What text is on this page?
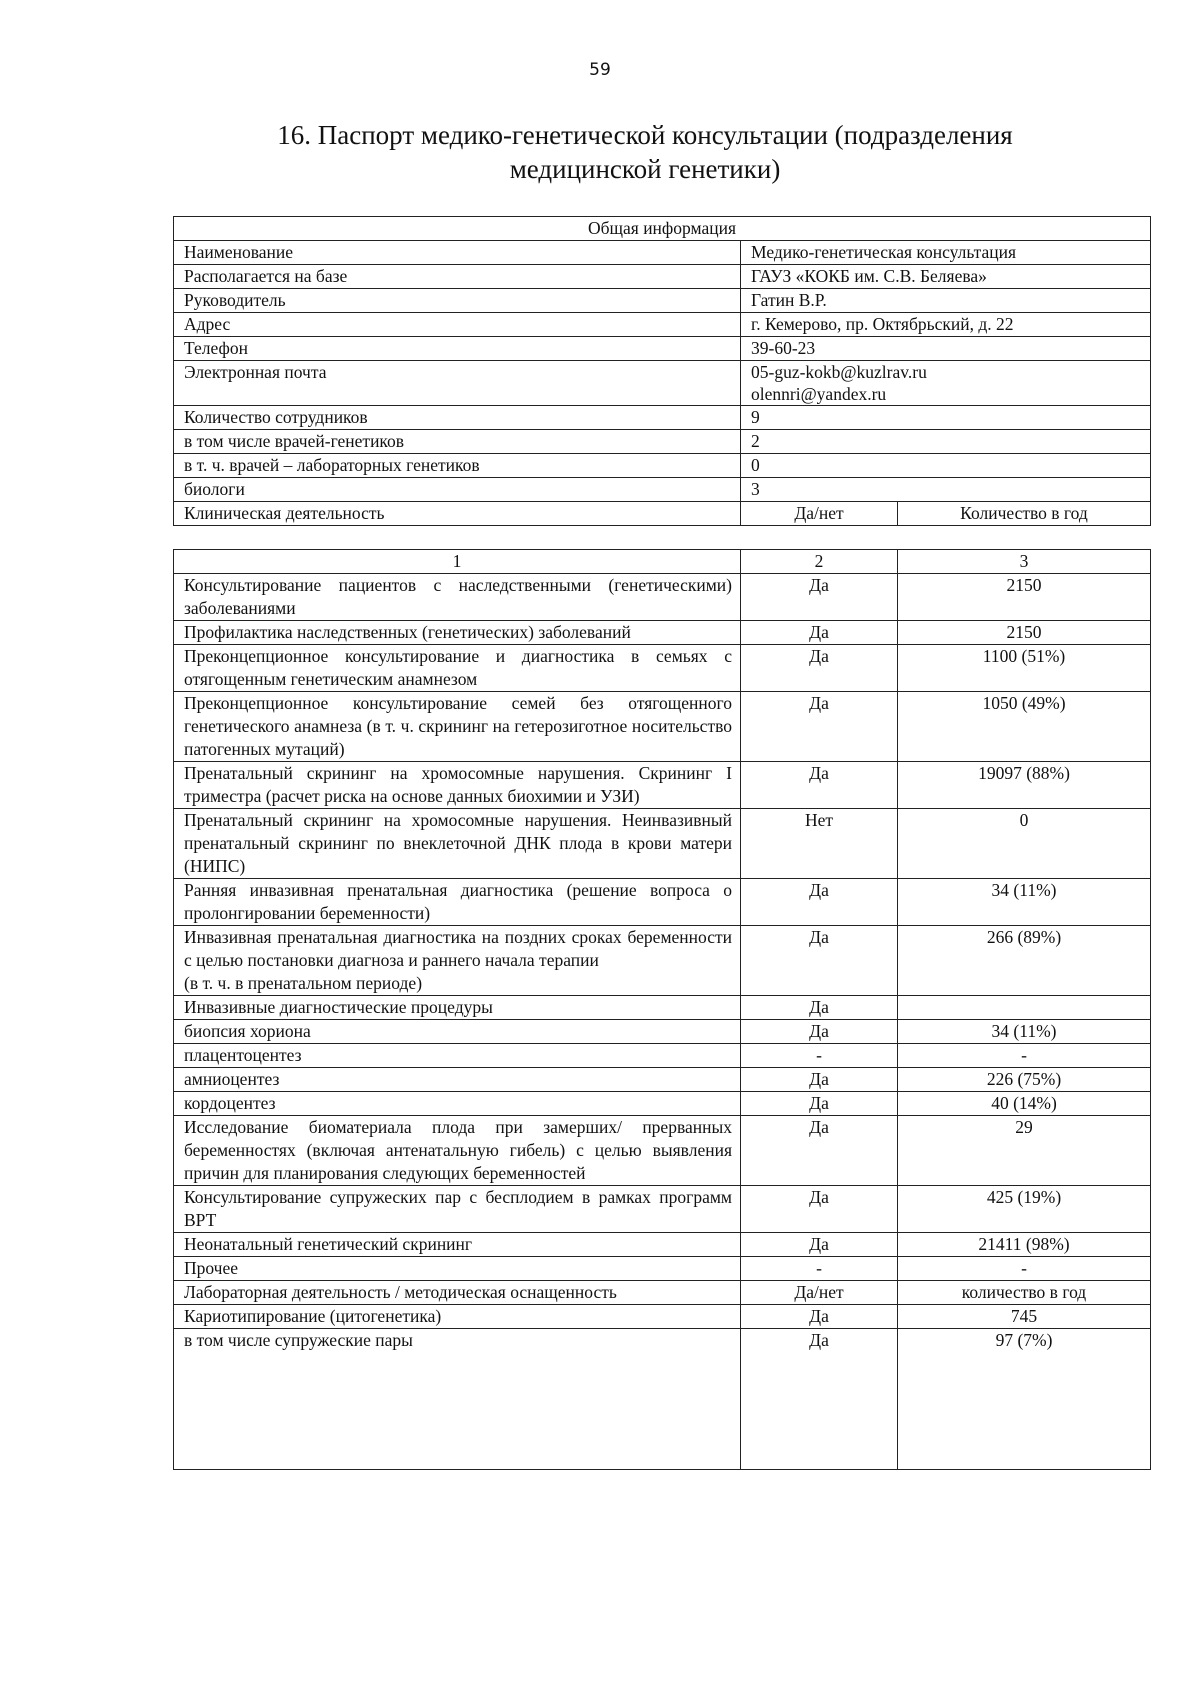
59
16. Паспорт медико-генетической консультации (подразделения медицинской генетики)
Общая информация		
Наименование	Медико-генетическая консультация	

Располагается на базе	ГАУЗ «КОКБ им. С.В. Беляева»	

Руководитель	Гатин В.Р.	

Адрес	г. Кемерово, пр. Октябрьский, д. 22	

Телефон	39-60-23	

Электронная почта	05-guz-kokb@kuzlrav.ru
olennri@yandex.ru	

Количество сотрудников	9	

в том числе врачей-генетиков	2	

в т. ч. врачей – лабораторных генетиков	0	

биологи	3	

Клиническая деятельность	Да/нет	Количество в год
1	2	3

Консультирование пациентов с наследственными (генетическими) заболеваниями	Да	2150

Профилактика наследственных (генетических) заболеваний	Да	2150

Преконцепционное консультирование и диагностика в семьях с отягощенным генетическим анамнезом	Да	1100 (51%)

Преконцепционное консультирование семей без отягощенного генетического анамнеза (в т. ч. скрининг на гетерозиготное носительство патогенных мутаций)	Да	1050 (49%)

Пренатальный скрининг на хромосомные нарушения. Скрининг I триместра (расчет риска на основе данных биохимии и УЗИ)	Да	19097 (88%)

Пренатальный скрининг на хромосомные нарушения. Неинвазивный пренатальный скрининг по внеклеточной ДНК плода в крови матери (НИПС)	Нет	0

Ранняя инвазивная пренатальная диагностика (решение вопроса о пролонгировании беременности)	Да	34 (11%)

Инвазивная пренатальная диагностика на поздних сроках беременности с целью постановки диагноза и раннего начала терапии
(в т. ч. в пренатальном периоде)	Да	266 (89%)

Инвазивные диагностические процедуры	Да	

биопсия хориона	Да	34 (11%)

плацентоцентез	-	-

амниоцентез	Да	226 (75%)

кордоцентез	Да	40 (14%)

Исследование биоматериала плода при замерших/ прерванных беременностях (включая антенатальную гибель) с целью выявления причин для планирования следующих беременностей	Да	29

Консультирование супружеских пар с бесплодием в рамках программ ВРТ	Да	425 (19%)

Неонатальный генетический скрининг	Да	21411 (98%)

Прочее	-	-

Лабораторная деятельность / методическая оснащенность	Да/нет	количество в год

Кариотипирование (цитогенетика)	Да	745

в том числе супружеские пары	Да	97 (7%)
